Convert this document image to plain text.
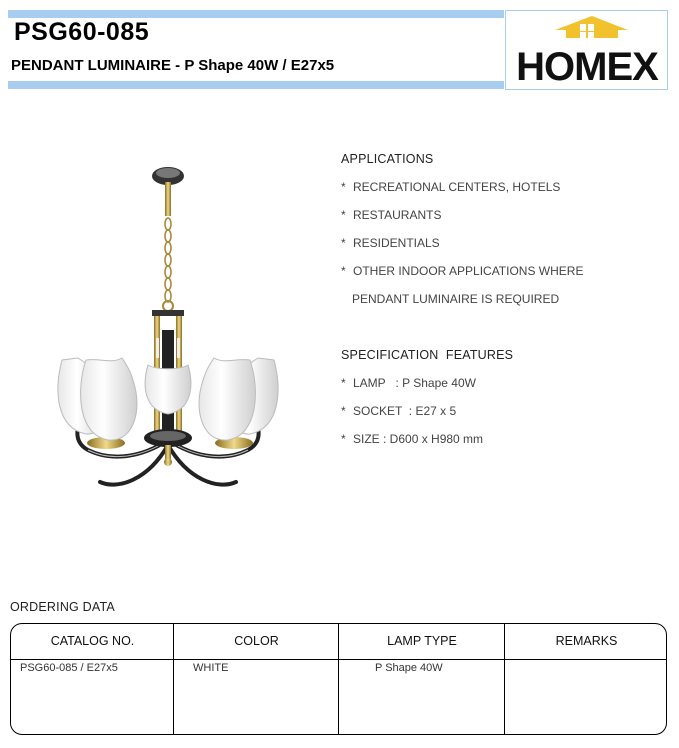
PSG60-085
PENDANT LUMINAIRE - P Shape 40W / E27x5	HOMEX
APPLICATIONS
* RECREATIONAL CENTERS, HOTELS
* RESTAURANTS
* RESIDENTIALS
* OTHER INDOOR APPLICATIONS WHERE
PENDANT LUMINAIRE IS REQUIRED
SPECIFICATION  FEATURES
* LAMP   : P Shape 40W
* SOCKET  : E27 x 5
* SIZE : D600 x H980 mm
ORDERING DATA
CATALOG NO.	COLOR	LAMP TYPE	REMARKS
PSG60-085 / E27x5	WHITE	P Shape 40W
